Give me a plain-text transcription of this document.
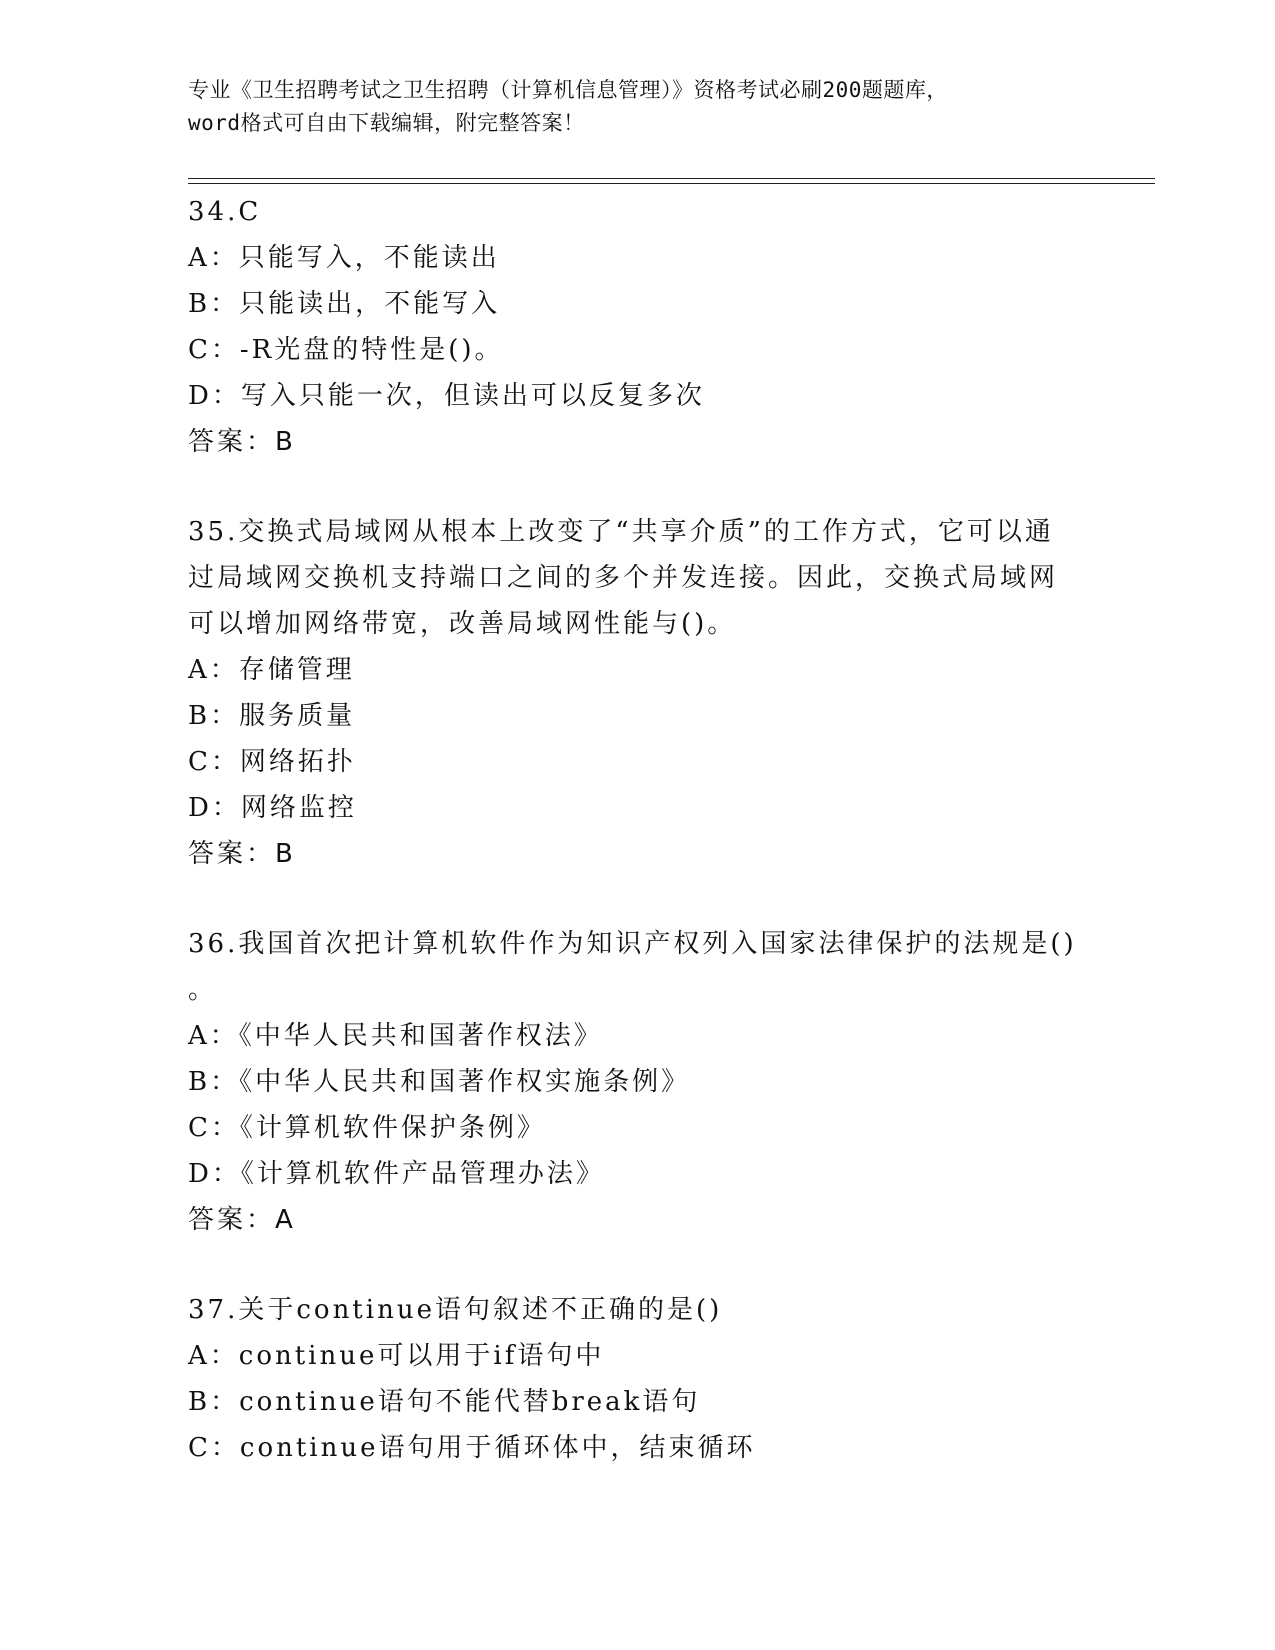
专业《卫生招聘考试之卫生招聘（计算机信息管理）》资格考试必刷200题题库，
word格式可自由下载编辑，附完整答案！
34.C
A：只能写入，不能读出
B：只能读出，不能写入
C：-R光盘的特性是()。
D：写入只能一次，但读出可以反复多次
答案：B
35.交换式局域网从根本上改变了“共享介质”的工作方式，它可以通
过局域网交换机支持端口之间的多个并发连接。因此，交换式局域网
可以增加网络带宽，改善局域网性能与()。
A：存储管理
B：服务质量
C：网络拓扑
D：网络监控
答案：B
36.我国首次把计算机软件作为知识产权列入国家法律保护的法规是()
。
A：《中华人民共和国著作权法》
B：《中华人民共和国著作权实施条例》
C：《计算机软件保护条例》
D：《计算机软件产品管理办法》
答案：A
37.关于continue语句叙述不正确的是()
A：continue可以用于if语句中
B：continue语句不能代替break语句
C：continue语句用于循环体中，结束循环
